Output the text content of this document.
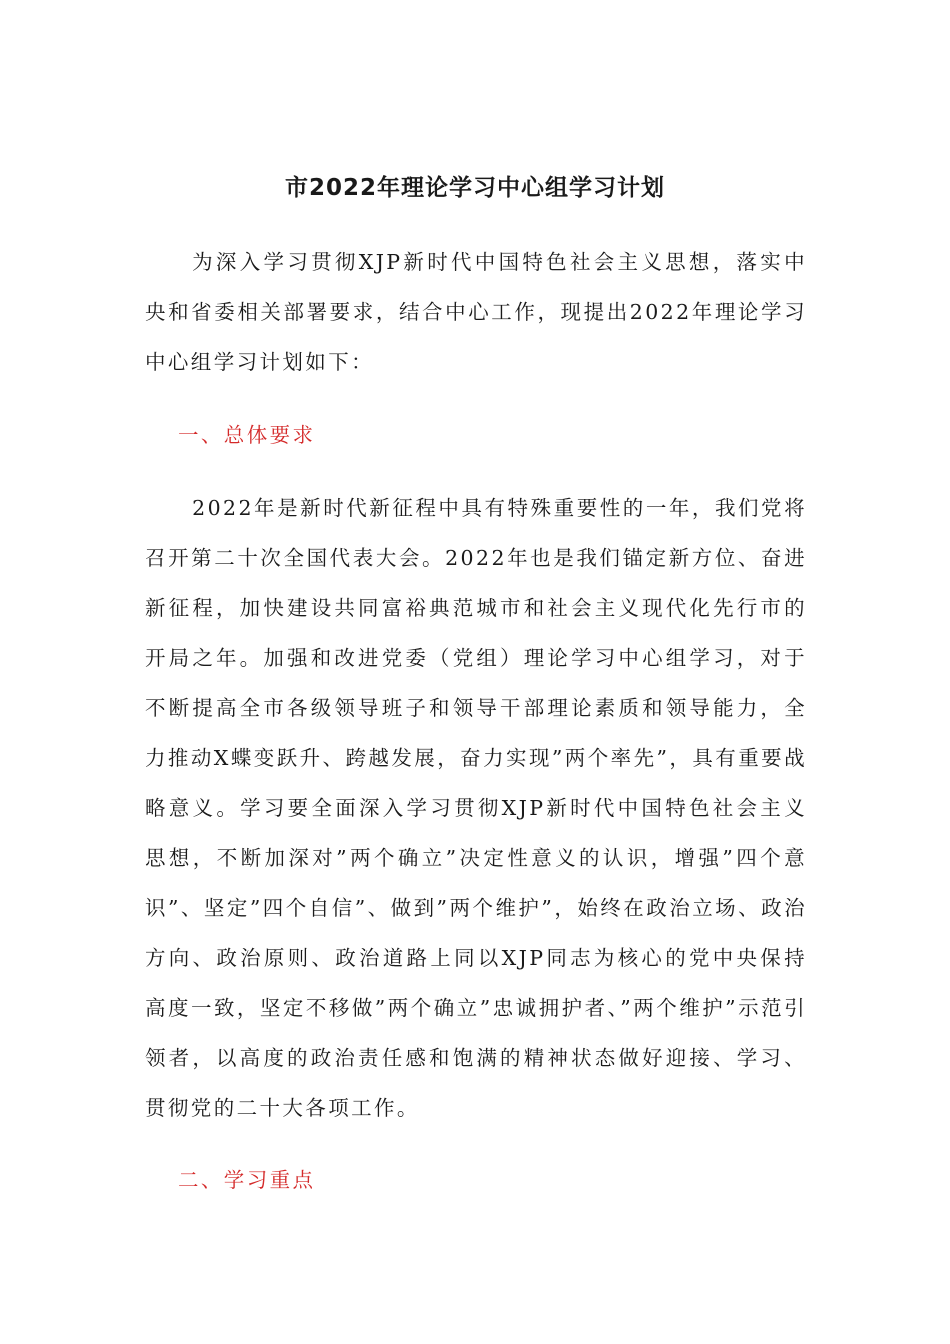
市2022年理论学习中心组学习计划

为深入学习贯彻XJP新时代中国特色社会主义思想，落实中央和省委相关部署要求，结合中心工作，现提出2022年理论学习中心组学习计划如下：

一、总体要求

2022年是新时代新征程中具有特殊重要性的一年，我们党将召开第二十次全国代表大会。2022年也是我们锚定新方位、奋进新征程，加快建设共同富裕典范城市和社会主义现代化先行市的开局之年。加强和改进党委（党组）理论学习中心组学习，对于不断提高全市各级领导班子和领导干部理论素质和领导能力，全力推动X蝶变跃升、跨越发展，奋力实现”两个率先”，具有重要战略意义。学习要全面深入学习贯彻XJP新时代中国特色社会主义思想，不断加深对”两个确立”决定性意义的认识，增强”四个意识”、坚定”四个自信”、做到”两个维护”，始终在政治立场、政治方向、政治原则、政治道路上同以XJP同志为核心的党中央保持高度一致，坚定不移做”两个确立”忠诚拥护者、”两个维护”示范引领者，以高度的政治责任感和饱满的精神状态做好迎接、学习、贯彻党的二十大各项工作。

二、学习重点
